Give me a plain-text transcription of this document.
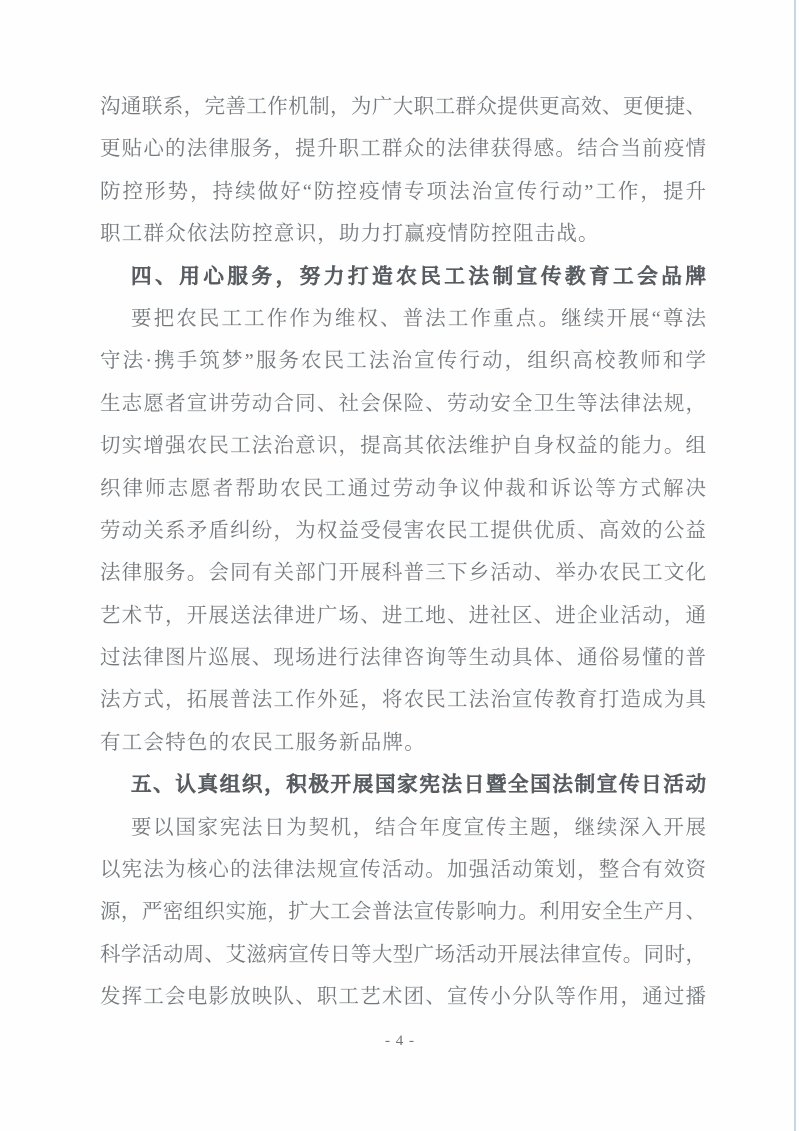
沟通联系，完善工作机制，为广大职工群众提供更高效、更便捷、
更贴心的法律服务，提升职工群众的法律获得感。结合当前疫情
防控形势，持续做好“防控疫情专项法治宣传行动”工作，提升
职工群众依法防控意识，助力打赢疫情防控阻击战。
四、用心服务，努力打造农民工法制宣传教育工会品牌
要把农民工工作作为维权、普法工作重点。继续开展“尊法
守法·携手筑梦”服务农民工法治宣传行动，组织高校教师和学
生志愿者宣讲劳动合同、社会保险、劳动安全卫生等法律法规，
切实增强农民工法治意识，提高其依法维护自身权益的能力。组
织律师志愿者帮助农民工通过劳动争议仲裁和诉讼等方式解决
劳动关系矛盾纠纷，为权益受侵害农民工提供优质、高效的公益
法律服务。会同有关部门开展科普三下乡活动、举办农民工文化
艺术节，开展送法律进广场、进工地、进社区、进企业活动，通
过法律图片巡展、现场进行法律咨询等生动具体、通俗易懂的普
法方式，拓展普法工作外延，将农民工法治宣传教育打造成为具
有工会特色的农民工服务新品牌。
五、认真组织，积极开展国家宪法日暨全国法制宣传日活动
要以国家宪法日为契机，结合年度宣传主题，继续深入开展
以宪法为核心的法律法规宣传活动。加强活动策划，整合有效资
源，严密组织实施，扩大工会普法宣传影响力。利用安全生产月、
科学活动周、艾滋病宣传日等大型广场活动开展法律宣传。同时，
发挥工会电影放映队、职工艺术团、宣传小分队等作用，通过播
- 4 -
